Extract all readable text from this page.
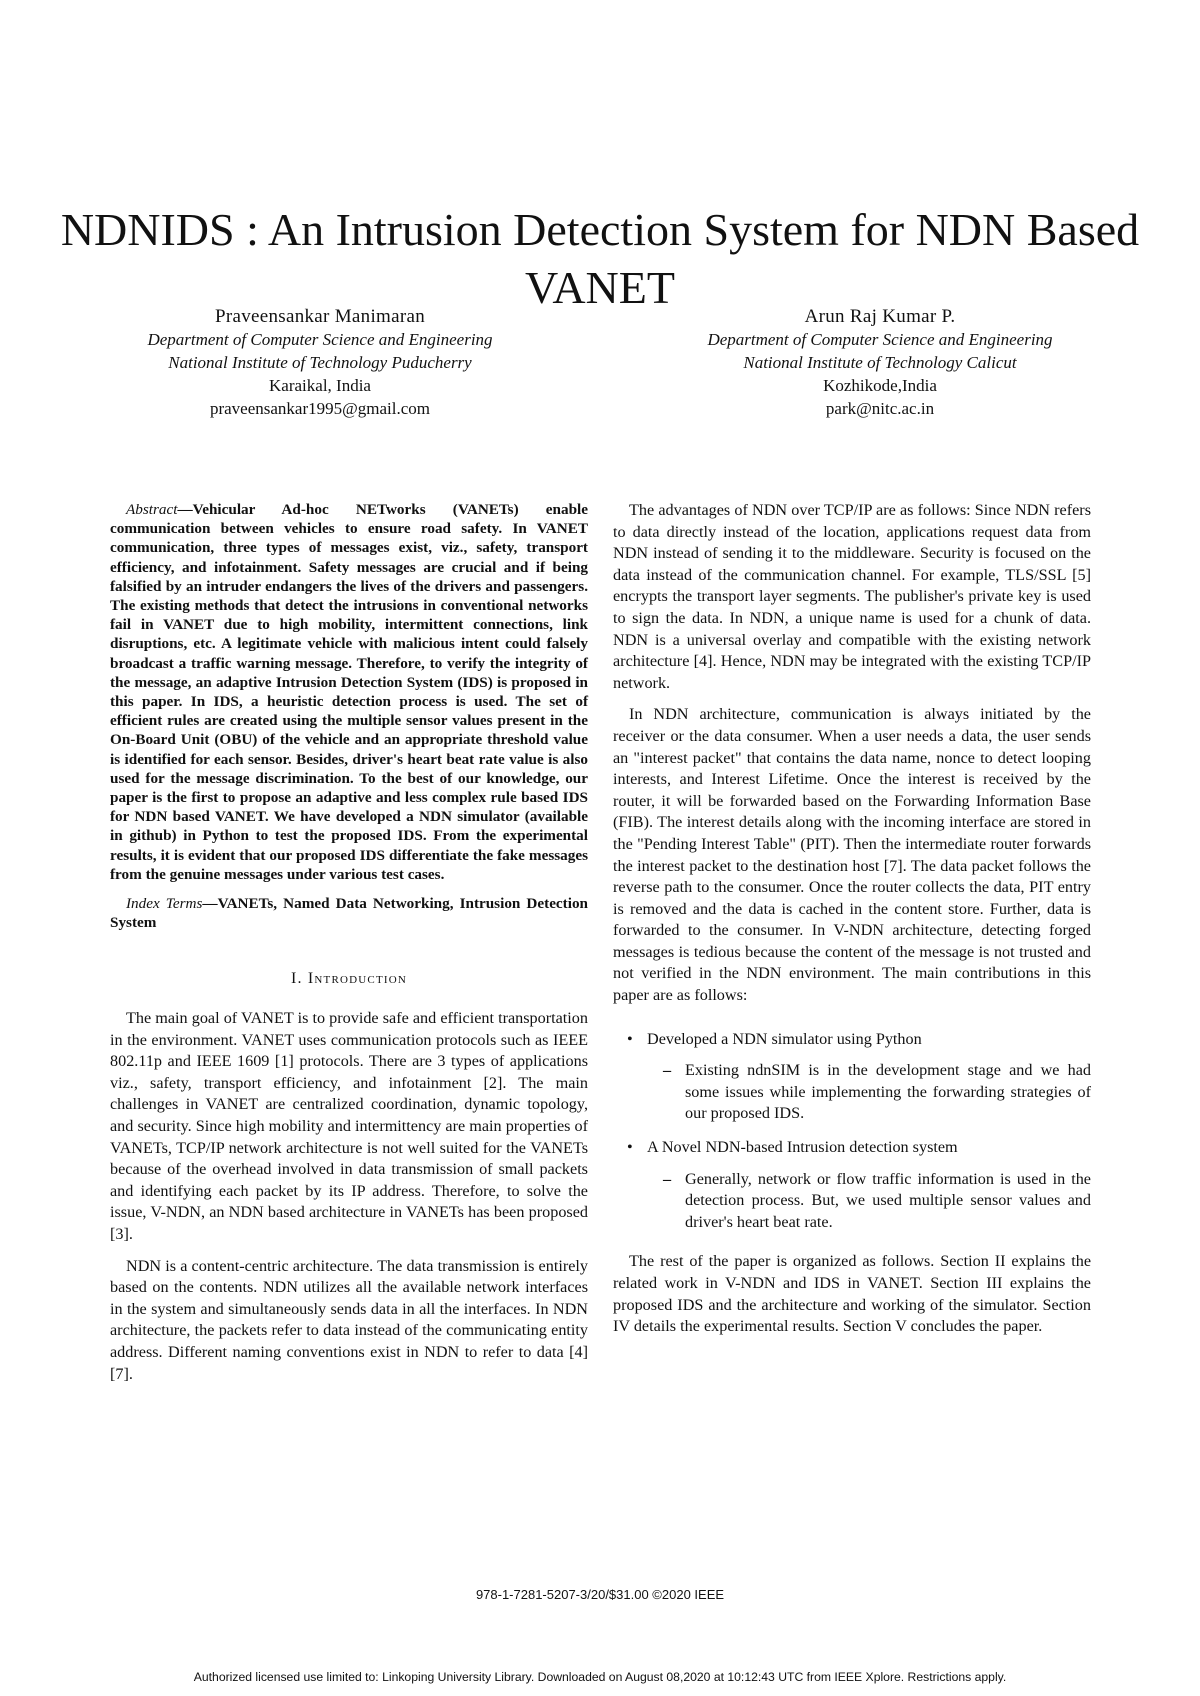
NDNIDS : An Intrusion Detection System for NDN Based VANET
Praveensankar Manimaran
Department of Computer Science and Engineering
National Institute of Technology Puducherry
Karaikal, India
praveensankar1995@gmail.com
Arun Raj Kumar P.
Department of Computer Science and Engineering
National Institute of Technology Calicut
Kozhikode,India
park@nitc.ac.in

Abstract—Vehicular Ad-hoc NETworks (VANETs) enable communication between vehicles to ensure road safety. In VANET communication, three types of messages exist, viz., safety, transport efficiency, and infotainment. Safety messages are crucial and if being falsified by an intruder endangers the lives of the drivers and passengers. The existing methods that detect the intrusions in conventional networks fail in VANET due to high mobility, intermittent connections, link disruptions, etc. A legitimate vehicle with malicious intent could falsely broadcast a traffic warning message. Therefore, to verify the integrity of the message, an adaptive Intrusion Detection System (IDS) is proposed in this paper. In IDS, a heuristic detection process is used. The set of efficient rules are created using the multiple sensor values present in the On-Board Unit (OBU) of the vehicle and an appropriate threshold value is identified for each sensor. Besides, driver's heart beat rate value is also used for the message discrimination. To the best of our knowledge, our paper is the first to propose an adaptive and less complex rule based IDS for NDN based VANET. We have developed a NDN simulator (available in github) in Python to test the proposed IDS. From the experimental results, it is evident that our proposed IDS differentiate the fake messages from the genuine messages under various test cases.

Index Terms—VANETs, Named Data Networking, Intrusion Detection System

I. Introduction

The main goal of VANET is to provide safe and efficient transportation in the environment. VANET uses communication protocols such as IEEE 802.11p and IEEE 1609 [1] protocols. There are 3 types of applications viz., safety, transport efficiency, and infotainment [2]. The main challenges in VANET are centralized coordination, dynamic topology, and security. Since high mobility and intermittency are main properties of VANETs, TCP/IP network architecture is not well suited for the VANETs because of the overhead involved in data transmission of small packets and identifying each packet by its IP address. Therefore, to solve the issue, V-NDN, an NDN based architecture in VANETs has been proposed [3].

NDN is a content-centric architecture. The data transmission is entirely based on the contents. NDN utilizes all the available network interfaces in the system and simultaneously sends data in all the interfaces. In NDN architecture, the packets refer to data instead of the communicating entity address. Different naming conventions exist in NDN to refer to data [4] [7].

The advantages of NDN over TCP/IP are as follows: Since NDN refers to data directly instead of the location, applications request data from NDN instead of sending it to the middleware. Security is focused on the data instead of the communication channel. For example, TLS/SSL [5] encrypts the transport layer segments. The publisher's private key is used to sign the data. In NDN, a unique name is used for a chunk of data. NDN is a universal overlay and compatible with the existing network architecture [4]. Hence, NDN may be integrated with the existing TCP/IP network.

In NDN architecture, communication is always initiated by the receiver or the data consumer. When a user needs a data, the user sends an "interest packet" that contains the data name, nonce to detect looping interests, and Interest Lifetime. Once the interest is received by the router, it will be forwarded based on the Forwarding Information Base (FIB). The interest details along with the incoming interface are stored in the "Pending Interest Table" (PIT). Then the intermediate router forwards the interest packet to the destination host [7]. The data packet follows the reverse path to the consumer. Once the router collects the data, PIT entry is removed and the data is cached in the content store. Further, data is forwarded to the consumer. In V-NDN architecture, detecting forged messages is tedious because the content of the message is not trusted and not verified in the NDN environment. The main contributions in this paper are as follows:

• Developed a NDN simulator using Python
– Existing ndnSIM is in the development stage and we had some issues while implementing the forwarding strategies of our proposed IDS.
• A Novel NDN-based Intrusion detection system
– Generally, network or flow traffic information is used in the detection process. But, we used multiple sensor values and driver's heart beat rate.

The rest of the paper is organized as follows. Section II explains the related work in V-NDN and IDS in VANET. Section III explains the proposed IDS and the architecture and working of the simulator. Section IV details the experimental results. Section V concludes the paper.

978-1-7281-5207-3/20/$31.00 ©2020 IEEE
Authorized licensed use limited to: Linkoping University Library. Downloaded on August 08,2020 at 10:12:43 UTC from IEEE Xplore. Restrictions apply.
